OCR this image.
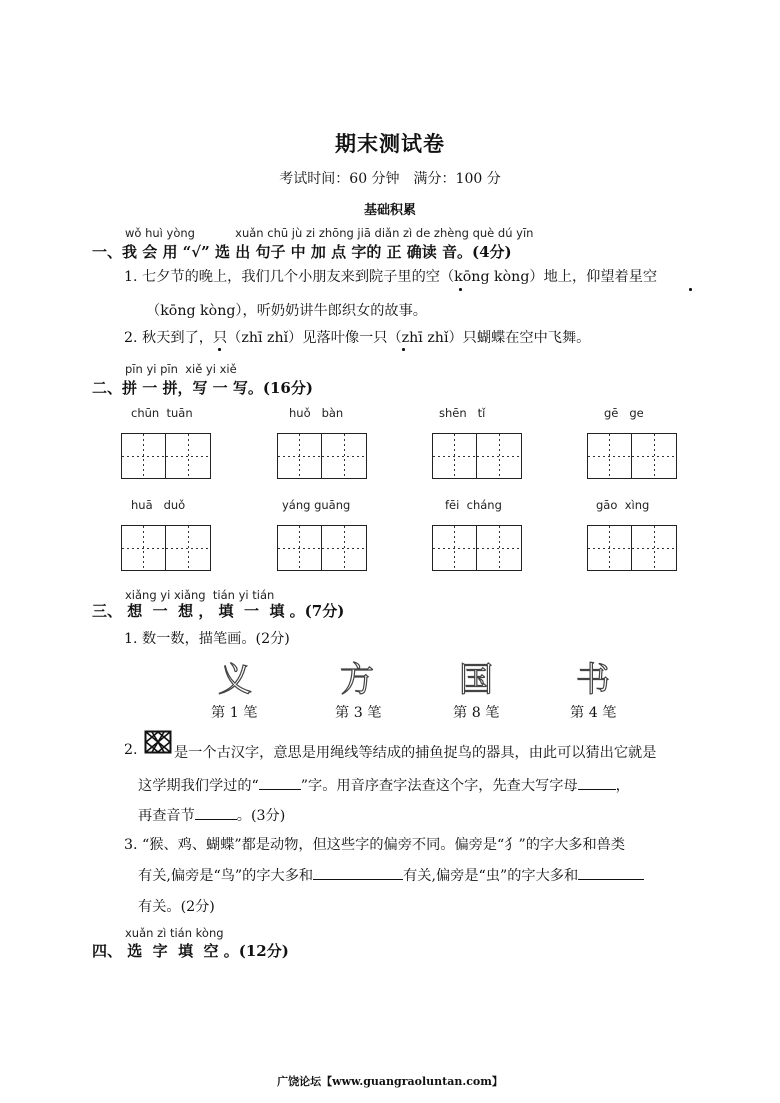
期末测试卷
考试时间：60 分钟　满分：100 分
基础积累
wǒ huì yòng           xuǎn chū jù zi zhōng jiā diǎn zì de zhèng què dú yīn
一、我 会 用 “√” 选 出 句子 中 加 点 字的 正 确读 音。(4分)
1. 七夕节的晚上，我们几个小朋友来到院子里的空（kōng kòng）地上，仰望着星空
（kōng kòng），听奶奶讲牛郎织女的故事。
2. 秋天到了，只（zhī zhǐ）见落叶像一只（zhī zhǐ）只蝴蝶在空中飞舞。
pīn yi pīn  xiě yi xiě
二、拼 一 拼，写 一 写。(16分)
chūn  tuān	huǒ   bàn	shēn   tǐ	gē   ge
huā   duǒ	yáng guāng	fēi  cháng	gāo  xìng
xiǎng yi xiǎng  tián yi tián
三、 想  一  想 ， 填  一  填 。(7分)
1. 数一数，描笔画。(2分)
义	方	国 书
第 1 笔	第 3 笔	第 8 笔	第 4 笔
2.	是一个古汉字，意思是用绳线等结成的捕鱼捉鸟的器具，由此可以猜出它就是
这学期我们学过的“	”字。用音序查字法查这个字，先查大写字母	，
再查音节	。(3分)
3. “猴、鸡、蝴蝶”都是动物，但这些字的偏旁不同。偏旁是“犭”的字大多和兽类
有关,偏旁是“鸟”的字大多和	有关,偏旁是“虫”的字大多和
有关。(2分)
xuǎn zì tián kòng
四、 选  字  填  空 。(12分)
广饶论坛【www.guangraoluntan.com】
